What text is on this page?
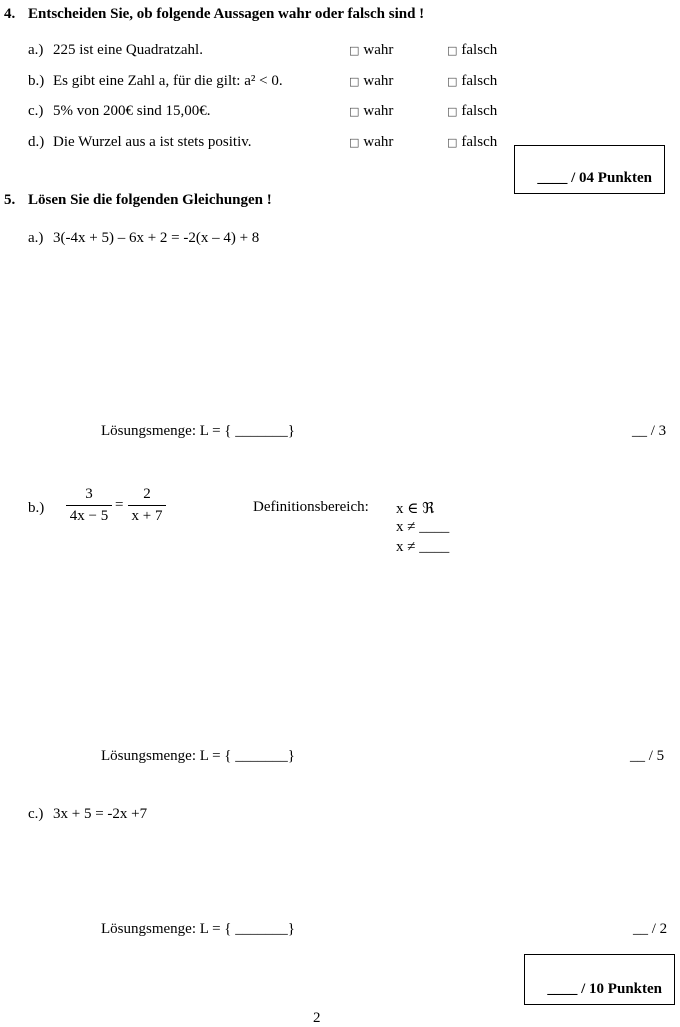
4. Entscheiden Sie, ob folgende Aussagen wahr oder falsch sind !
a.) 225 ist eine Quadratzahl.	□ wahr	□ falsch
b.) Es gibt eine Zahl a, für die gilt: a² < 0.	□ wahr	□ falsch
c.) 5% von 200€ sind 15,00€.	□ wahr	□ falsch
d.) Die Wurzel aus a ist stets positiv.	□ wahr	□ falsch
____ / 04 Punkten
5. Lösen Sie die folgenden Gleichungen !
a.) 3(-4x + 5) – 6x + 2 = -2(x – 4) + 8
Lösungsmenge: L = { _______}	__ / 3
b.)
3
4x − 5
=
2
x + 7
Definitionsbereich: x ∈ ℜ
x ≠ ____
x ≠ ____
Lösungsmenge: L = { _______}	__ / 5
c.) 3x + 5 = -2x +7
Lösungsmenge: L = { _______}	__ / 2
____ / 10 Punkten
2
